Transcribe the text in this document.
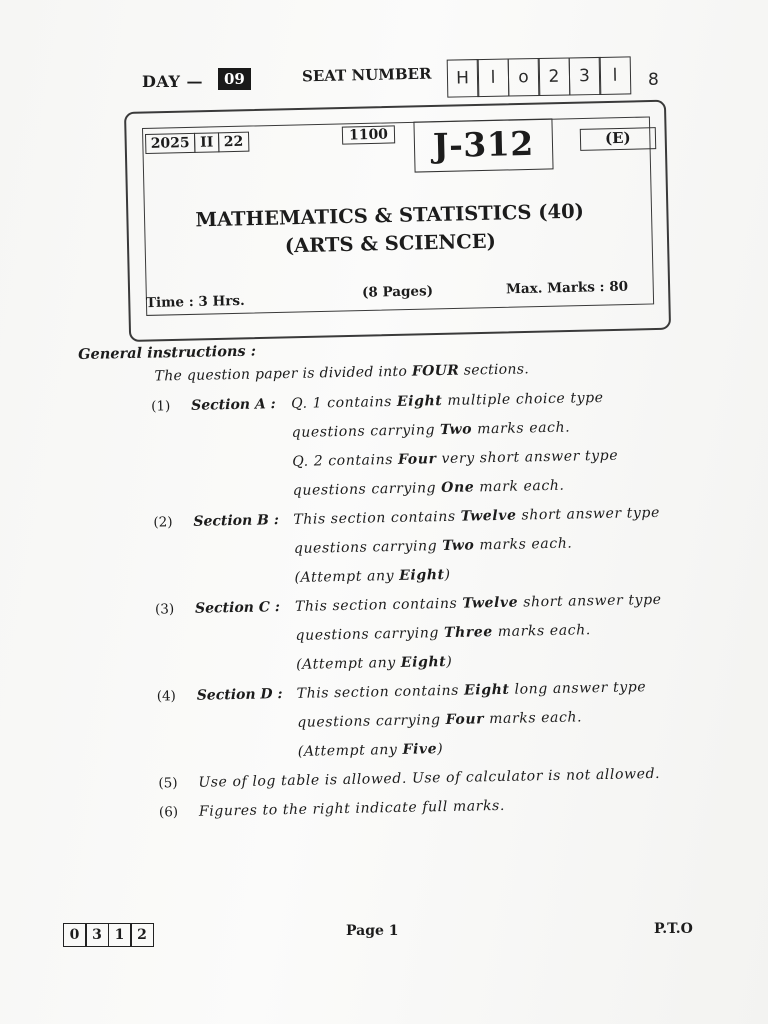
DAY —	09	SEAT NUMBER	H	l	o	2	3	l	8
2025 II 22	1100	J-312	(E)
MATHEMATICS & STATISTICS (40)
(ARTS & SCIENCE)
Time : 3 Hrs.
(8 Pages)	Max. Marks : 80
General instructions :
The question paper is divided into FOUR sections.
(1)	Section A :	Q. 1 contains Eight multiple choice type
questions carrying Two marks each.
Q. 2 contains Four very short answer type
questions carrying One mark each.
(2)	Section B :	This section contains Twelve short answer type
questions carrying Two marks each.
(Attempt any Eight)
(3)	Section C :	This section contains Twelve short answer type
questions carrying Three marks each.
(Attempt any Eight)
(4)	Section D : This section contains Eight long answer type
questions carrying Four marks each.
(Attempt any Five)
(5)	Use of log table is allowed. Use of calculator is not allowed.
(6)	Figures to the right indicate full marks.
0 3 1 2	Page 1	P.T.O
